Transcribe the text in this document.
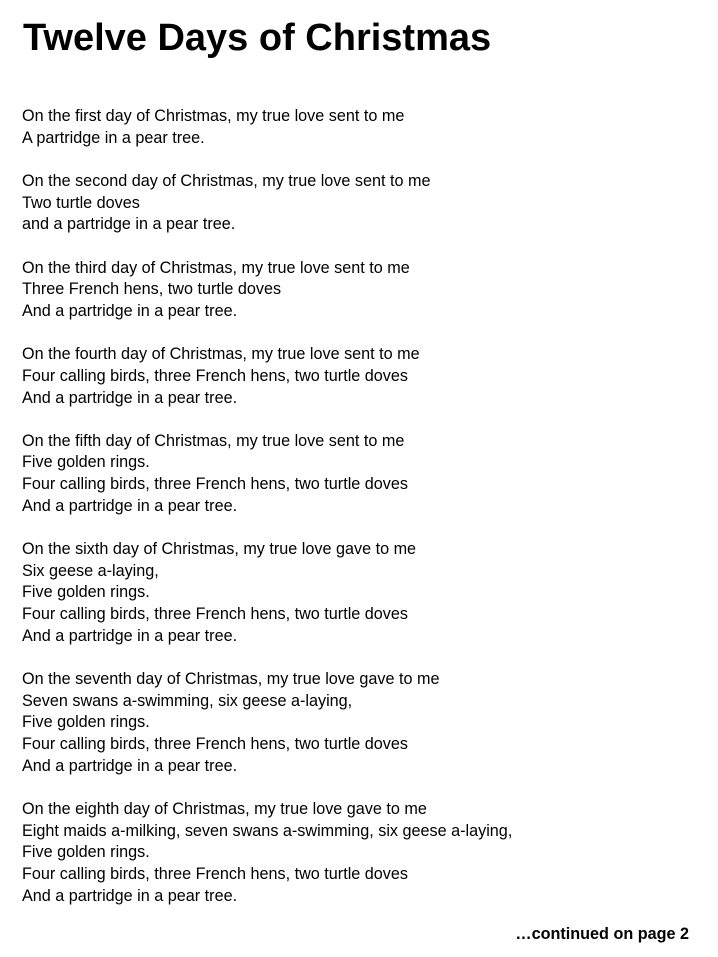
Twelve Days of Christmas
On the first day of Christmas, my true love sent to me
A partridge in a pear tree.
On the second day of Christmas, my true love sent to me
Two turtle doves
and a partridge in a pear tree.
On the third day of Christmas, my true love sent to me
Three French hens, two turtle doves
And a partridge in a pear tree.
On the fourth day of Christmas, my true love sent to me
Four calling birds, three French hens, two turtle doves
And a partridge in a pear tree.
On the fifth day of Christmas, my true love sent to me
Five golden rings.
Four calling birds, three French hens, two turtle doves
And a partridge in a pear tree.
On the sixth day of Christmas, my true love gave to me
Six geese a-laying,
Five golden rings.
Four calling birds, three French hens, two turtle doves
And a partridge in a pear tree.
On the seventh day of Christmas, my true love gave to me
Seven swans a-swimming, six geese a-laying,
Five golden rings.
Four calling birds, three French hens, two turtle doves
And a partridge in a pear tree.
On the eighth day of Christmas, my true love gave to me
Eight maids a-milking, seven swans a-swimming, six geese a-laying,
Five golden rings.
Four calling birds, three French hens, two turtle doves
And a partridge in a pear tree.
…continued on page 2
